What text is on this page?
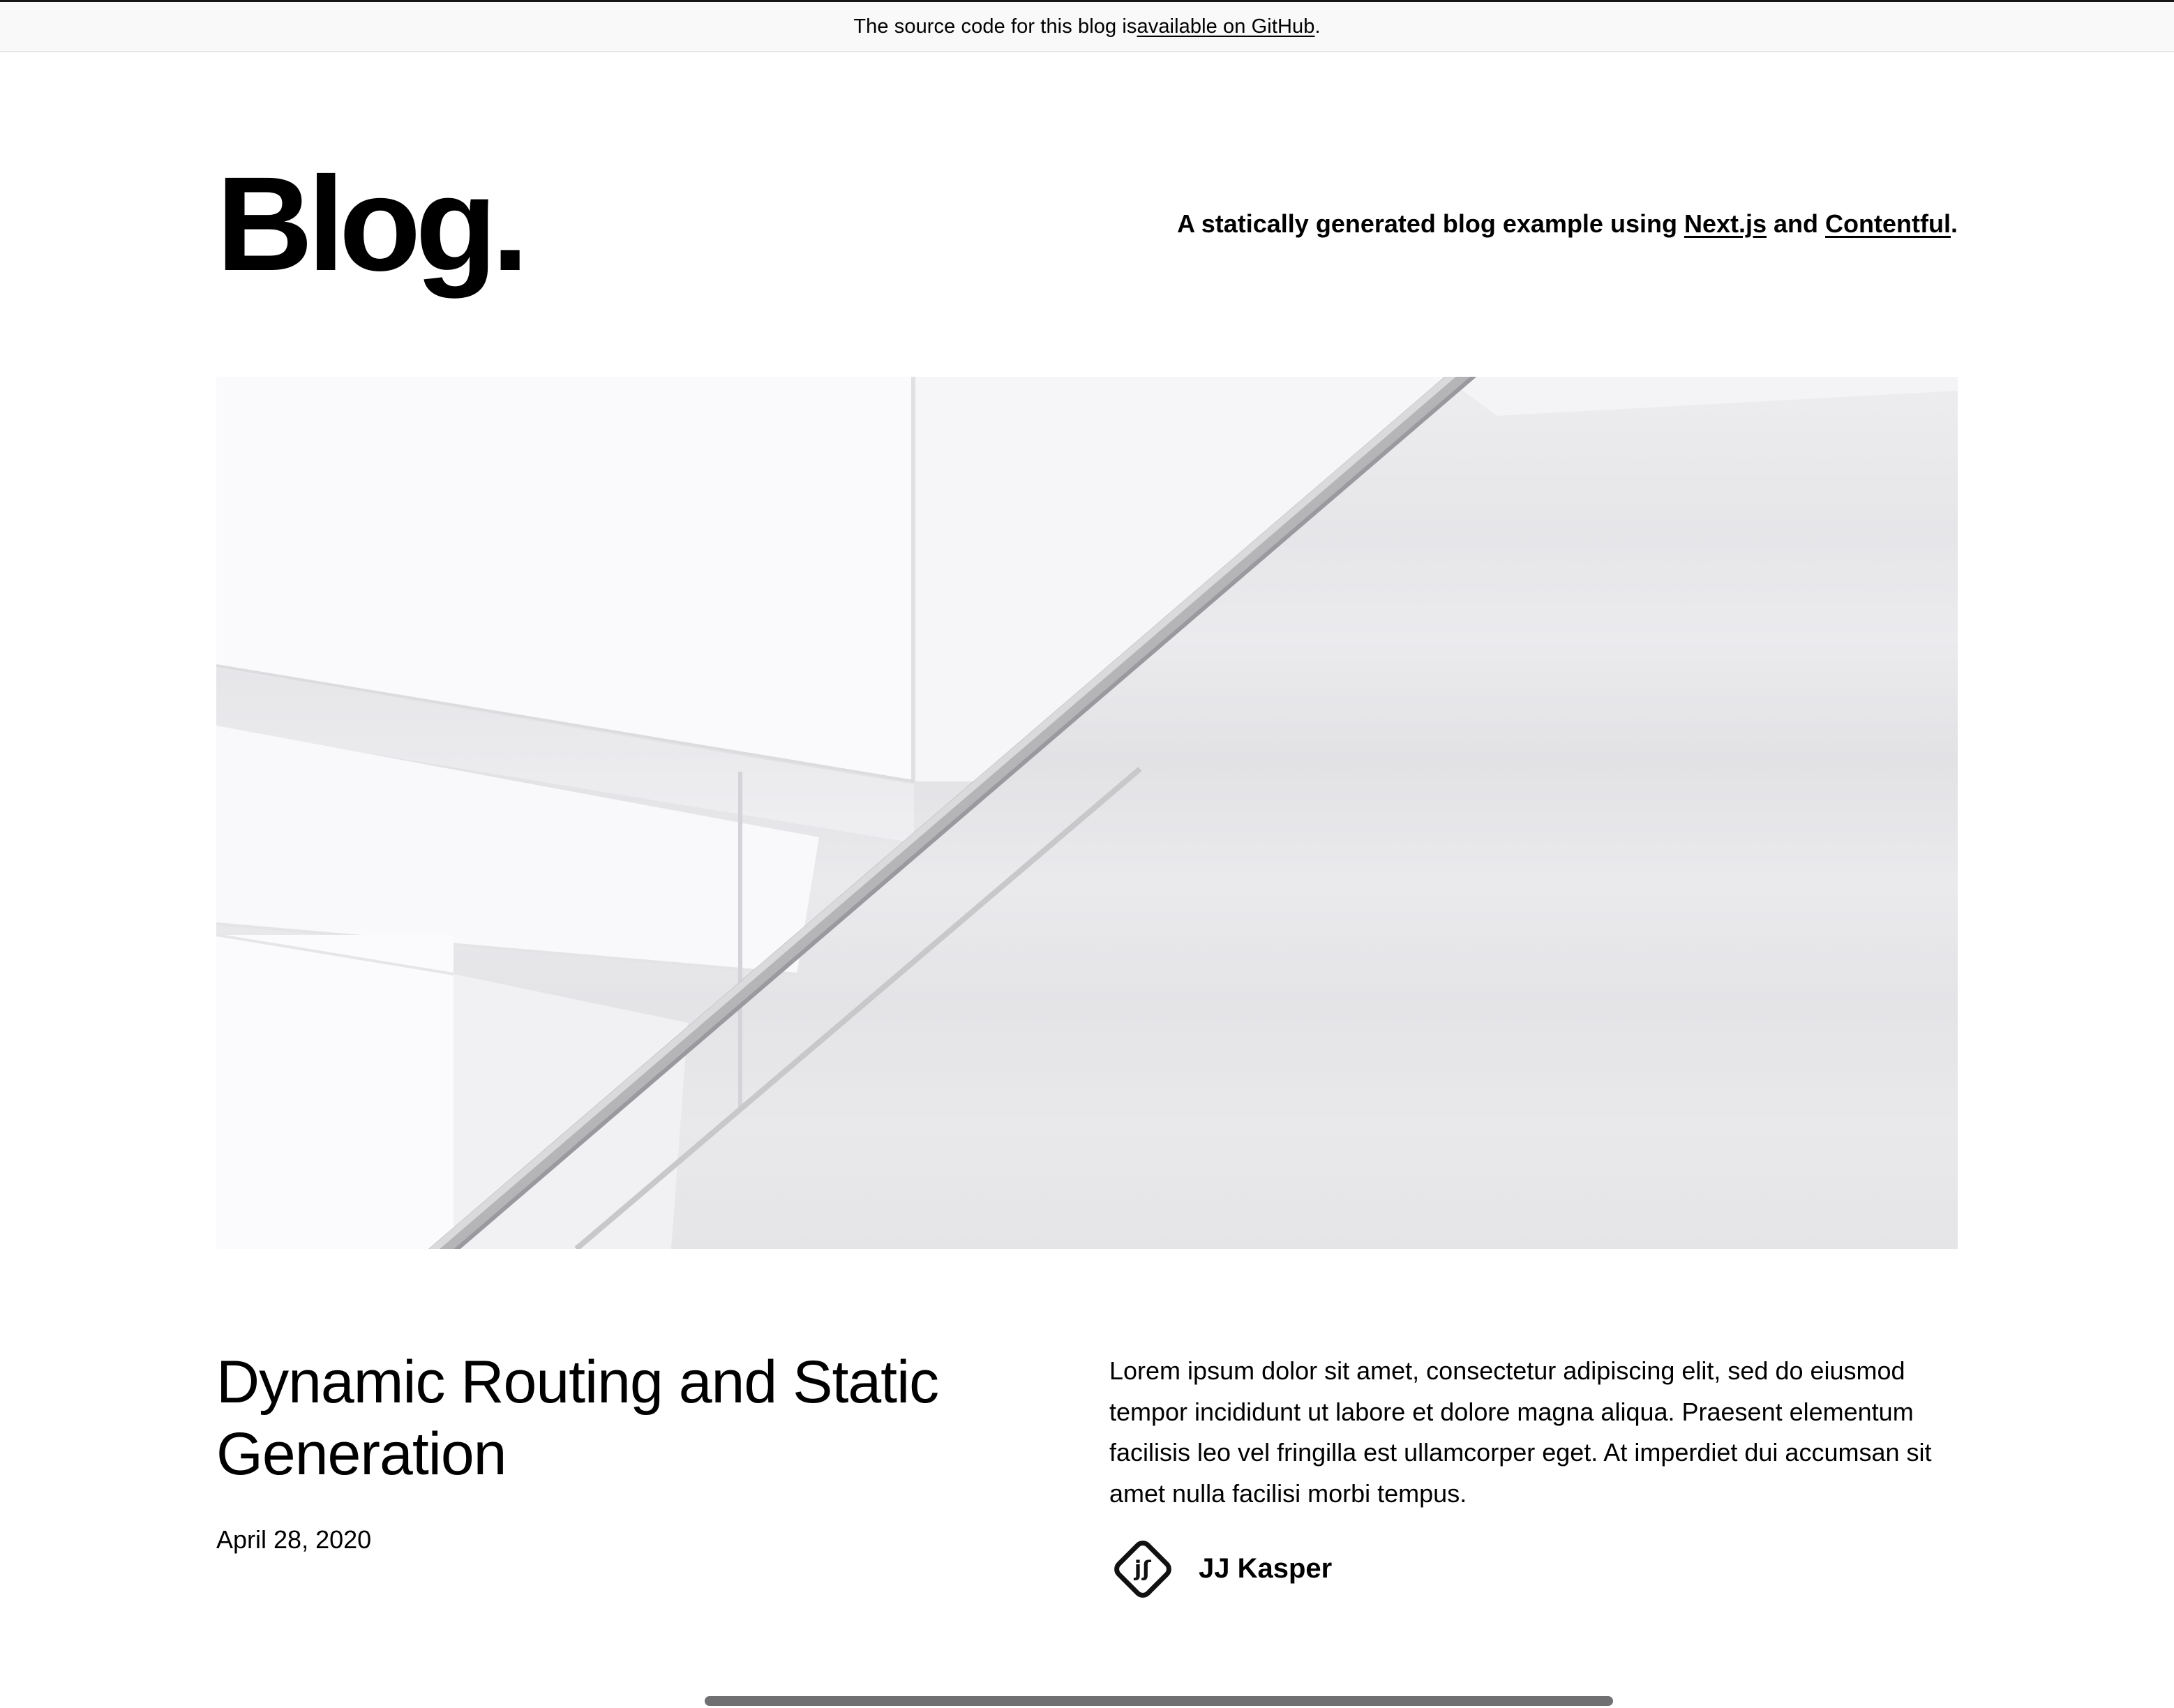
The source code for this blog is available on GitHub .
Blog.	A statically generated blog example using Next.js and Contentful.
Dynamic Routing and Static Generation
April 28, 2020

Lorem ipsum dolor sit amet, consectetur adipiscing elit, sed do eiusmod tempor incididunt ut labore et dolore magna aliqua. Praesent elementum facilisis leo vel fringilla est ullamcorper eget. At imperdiet dui accumsan sit amet nulla facilisi morbi tempus.

jʃ JJ Kasper
